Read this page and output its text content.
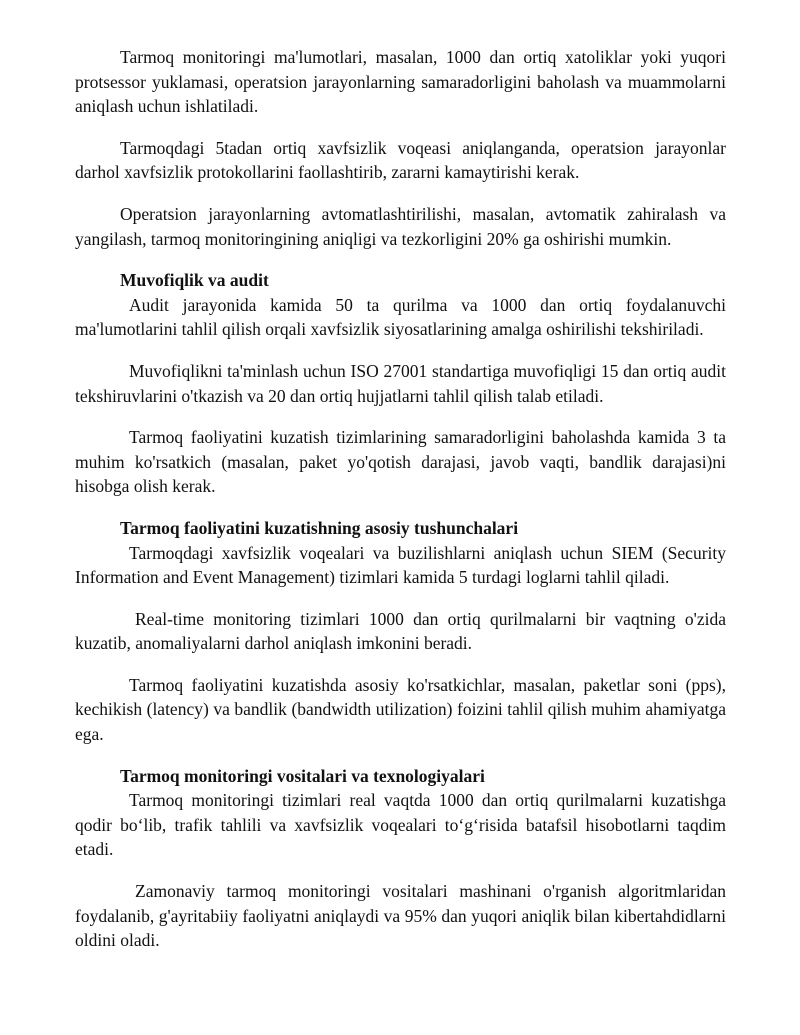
Tarmoq monitoringi ma'lumotlari, masalan, 1000 dan ortiq xatoliklar yoki yuqori protsessor yuklamasi, operatsion jarayonlarning samaradorligini baholash va muammolarni aniqlash uchun ishlatiladi.

Tarmoqdagi 5tadan ortiq xavfsizlik voqeasi aniqlanganda, operatsion jarayonlar darhol xavfsizlik protokollarini faollashtirib, zararni kamaytirishi kerak.

Operatsion jarayonlarning avtomatlashtirilishi, masalan, avtomatik zahiralash va yangilash, tarmoq monitoringining aniqligi va tezkorligini 20% ga oshirishi mumkin.

Muvofiqlik va audit

Audit jarayonida kamida 50 ta qurilma va 1000 dan ortiq foydalanuvchi ma'lumotlarini tahlil qilish orqali xavfsizlik siyosatlarining amalga oshirilishi tekshiriladi.

Muvofiqlikni ta'minlash uchun ISO 27001 standartiga muvofiqligi 15 dan ortiq audit tekshiruvlarini o'tkazish va 20 dan ortiq hujjatlarni tahlil qilish talab etiladi.

Tarmoq faoliyatini kuzatish tizimlarining samaradorligini baholashda kamida 3 ta muhim ko'rsatkich (masalan, paket yo'qotish darajasi, javob vaqti, bandlik darajasi)ni hisobga olish kerak.

Tarmoq faoliyatini kuzatishning asosiy tushunchalari

Tarmoqdagi xavfsizlik voqealari va buzilishlarni aniqlash uchun SIEM (Security Information and Event Management) tizimlari kamida 5 turdagi loglarni tahlil qiladi.

Real-time monitoring tizimlari 1000 dan ortiq qurilmalarni bir vaqtning o'zida kuzatib, anomaliyalarni darhol aniqlash imkonini beradi.

Tarmoq faoliyatini kuzatishda asosiy ko'rsatkichlar, masalan, paketlar soni (pps), kechikish (latency) va bandlik (bandwidth utilization) foizini tahlil qilish muhim ahamiyatga ega.

Tarmoq monitoringi vositalari va texnologiyalari

Tarmoq monitoringi tizimlari real vaqtda 1000 dan ortiq qurilmalarni kuzatishga qodir bo‘lib, trafik tahlili va xavfsizlik voqealari to‘g‘risida batafsil hisobotlarni taqdim etadi.

Zamonaviy tarmoq monitoringi vositalari mashinani o'rganish algoritmlaridan foydalanib, g'ayritabiiy faoliyatni aniqlaydi va 95% dan yuqori aniqlik bilan kibertahdidlarni oldini oladi.
